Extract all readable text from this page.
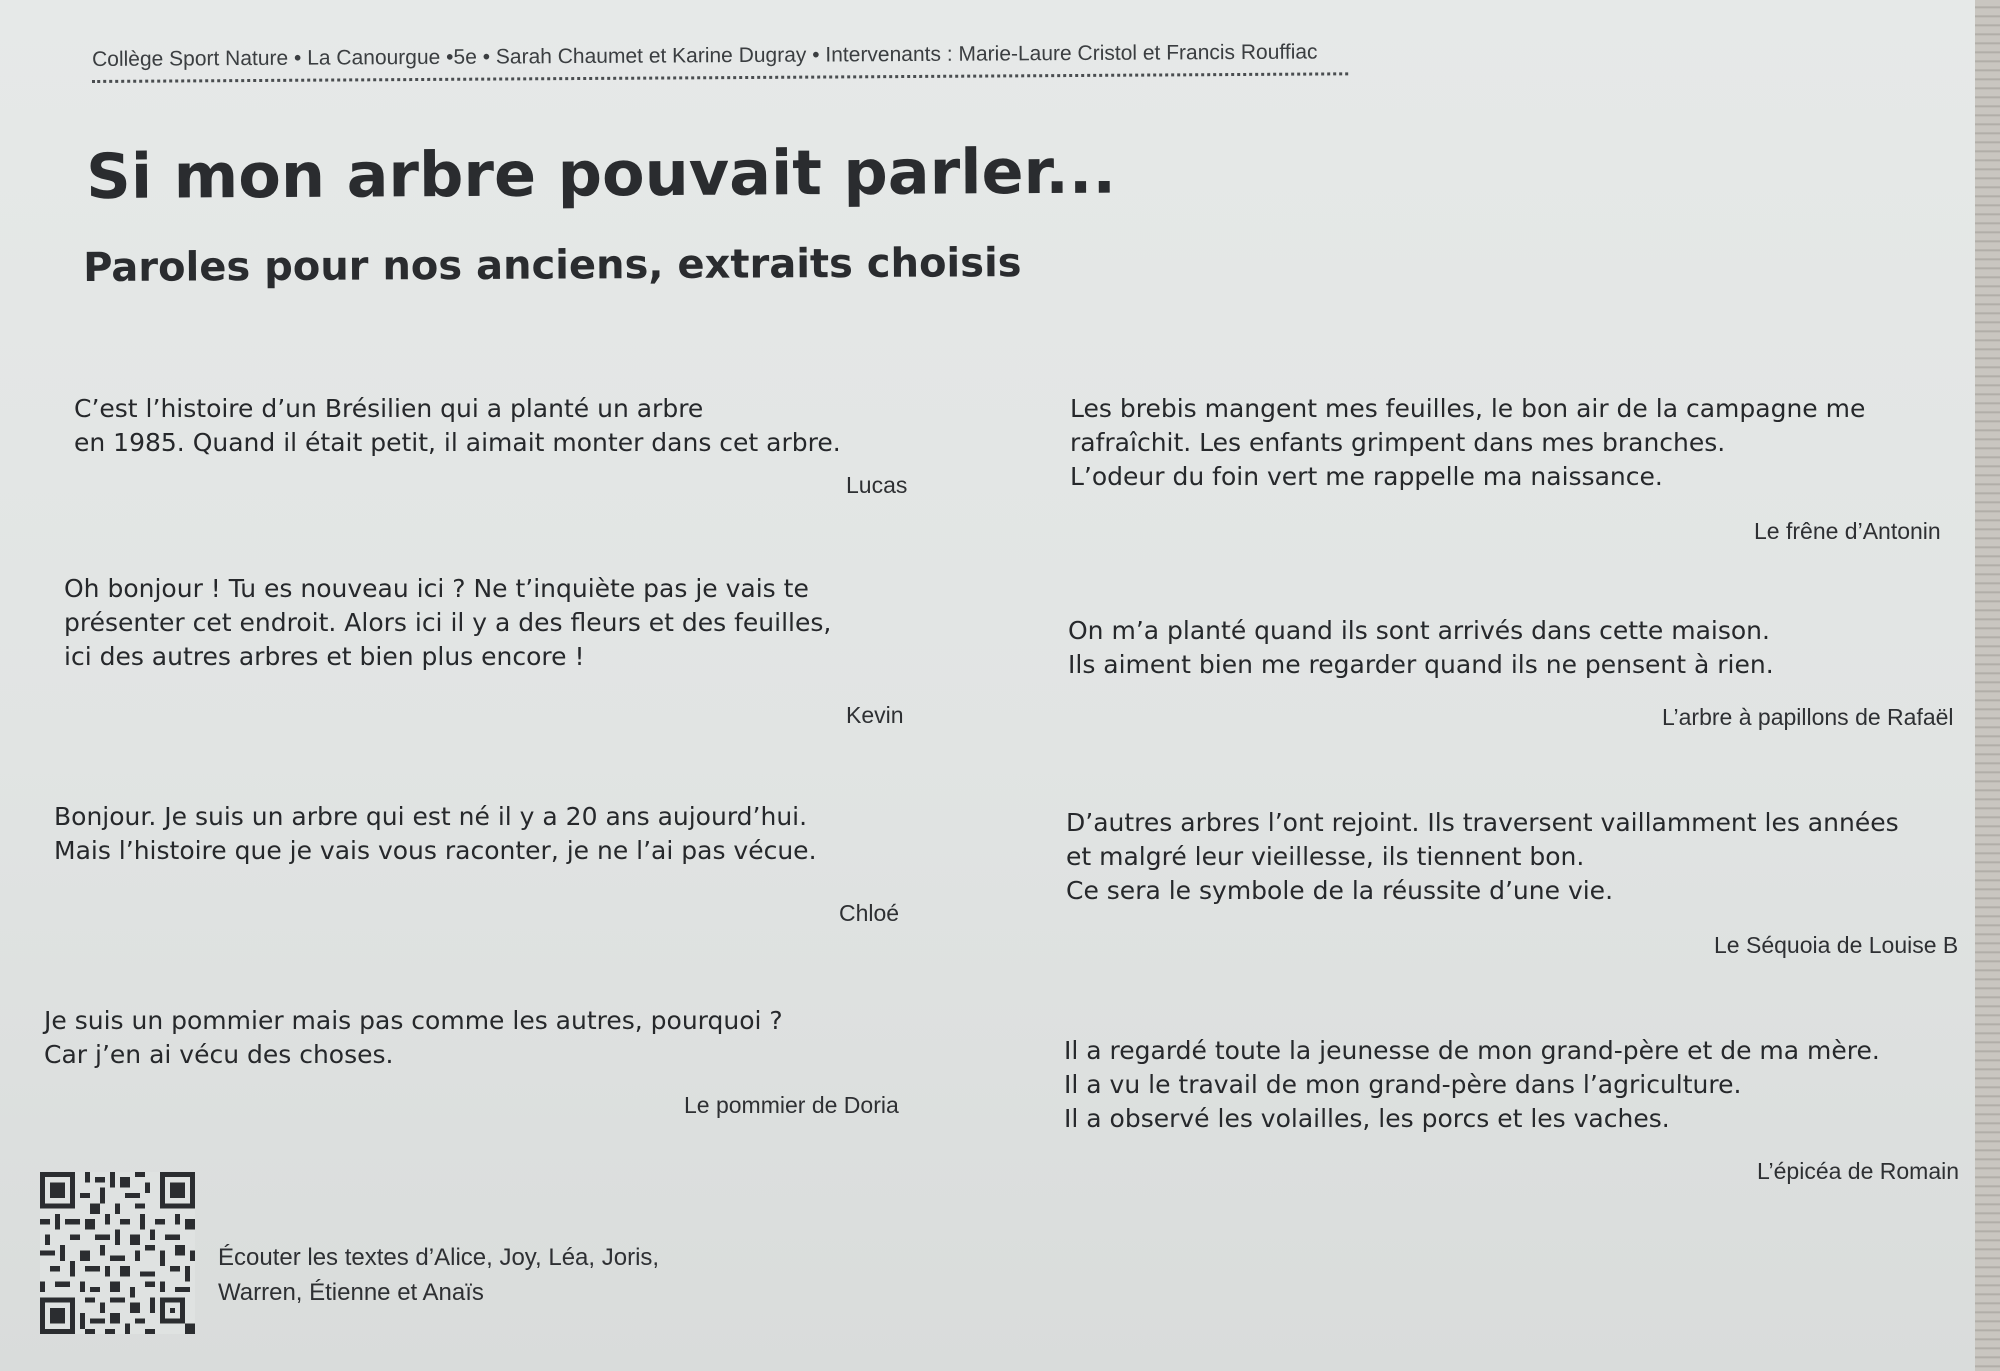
Collège Sport Nature • La Canourgue •5e • Sarah Chaumet et Karine Dugray • Intervenants : Marie-Laure Cristol et Francis Rouffiac
Si mon arbre pouvait parler...
Paroles pour nos anciens, extraits choisis
C’est l’histoire d’un Brésilien qui a planté un arbre
en 1985. Quand il était petit, il aimait monter dans cet arbre.
Lucas
Oh bonjour ! Tu es nouveau ici ? Ne t’inquiète pas je vais te
présenter cet endroit. Alors ici il y a des fleurs et des feuilles,
ici des autres arbres et bien plus encore !
Kevin
Bonjour. Je suis un arbre qui est né il y a 20 ans aujourd’hui.
Mais l’histoire que je vais vous raconter, je ne l’ai pas vécue.
Chloé
Je suis un pommier mais pas comme les autres, pourquoi ?
Car j’en ai vécu des choses.
Le pommier de Doria
Les brebis mangent mes feuilles, le bon air de la campagne me
rafraîchit. Les enfants grimpent dans mes branches.
L’odeur du foin vert me rappelle ma naissance.
Le frêne d’Antonin
On m’a planté quand ils sont arrivés dans cette maison.
Ils aiment bien me regarder quand ils ne pensent à rien.
L’arbre à papillons de Rafaël
D’autres arbres l’ont rejoint. Ils traversent vaillamment les années
et malgré leur vieillesse, ils tiennent bon.
Ce sera le symbole de la réussite d’une vie.
Le Séquoia de Louise B
Il a regardé toute la jeunesse de mon grand-père et de ma mère.
Il a vu le travail de mon grand-père dans l’agriculture.
Il a observé les volailles, les porcs et les vaches.
L’épicéa de Romain
Écouter les textes d’Alice, Joy, Léa, Joris,
Warren, Étienne et Anaïs
